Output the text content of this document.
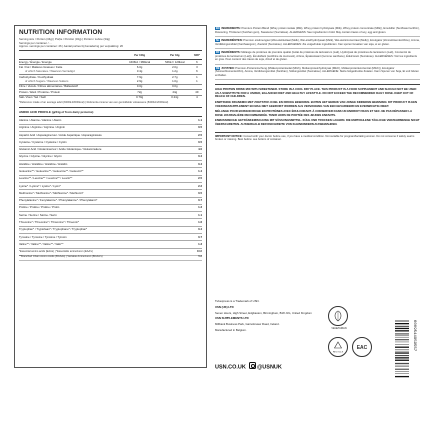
NUTRITION INFORMATION
Serving size / Portion (34g) | Porție / Porción (34g) | Portion / Lubne (34g)
Servings per container / ...
Approx. servings per container: 26 | Aantal porties bij benadering per verpakking: 26
	Per 100g	Per 34g	%RI*
Energy / Énergie / Energie	1606kJ / 380kcal	546kJ / 129kcal	6
Fat / Fat / Matières Grasses / Fette	6.0g	2.0g	3
of which Saturates / Waarvan Verzadigd	3.4g	1.2g	6
Carbohydrate / Koolhydraat	7.9g	2.7g	1
of which Sugars / Waarvan Suikers	2.9g	1.0g	1
Fibre / Vezels / Fibres alimentaires / Ballaststoff	0.0g	0.0g	
Protein / Eiwit / Protéine / Protein	72g	24g	49
Salt / Zout / Sel / Salz	0.70g	0.24g	4
*Reference intake of an average adult (8400kJ/2000kcal) | Referentie-inname van een gemiddelde volwassene (8400kJ/2000kcal)
AMINO ACID PROFILE (g/34g of from dairy proteins)
Alanine / Alanine / Alanine / Alanin	1.1
Arginine / Arginine / Arginine / Arginin	0.5
Aspartic Acid / Asparaginezuur / Acide Aspartique / Asparaginsäure	2.5
Cysteine / Cysteïne / Cystéine / Cystin	0.5
Glutamic Acid / Glutaminezuur / Acide Glutamique / Glutaminsäure	4.0
Glycine / Glycine / Glycine / Glycin	0.4
Histidine / Histidine / Histidine / Histidin	0.4
Isoleucine** / Isoleucine** / Isoleucine** / Isoleucin**	1.4
Leucine** / Leucine** / Leucine** / Leucin**	2.5
Lysine* / Lysine* / Lysine* / Lysin*	2.2
Methionine* / Methionine* / Méthionine* / Methionin*	0.5
Phenylalanine* / Fenylalanine* / Phénylalanine* / Phenylalanin*	0.7
Proline / Proline / Proline / Prolin	1.3
Serine / Serine / Sérine / Serin	1.1
Threonine* / Threonine* / Thréonine* / Threonin*	1.6
Tryptophan* / Tryptofaan* / Tryptophane* / Tryptophan*	0.4
Tyrosine / Tyrosine / Tyrosine / Tyrosin	0.7
Valine** / Valine** / Valine** / Valin**	1.3
10.6
*Essential amino acids (EAAs) | *Essentiële aminozuren (EAA's)
5.2
**Branched Chain Amino Acids (BCAAs) | Vertakte Aminozuren (BCAA's)
EN INGREDIENTS: Premium Protein Blend (Whey protein isolate (Milk), Whey protein hydrolysate (Milk), Whey protein concentrate (Milk)), Emulsifier (Sunflower lecithin), Flavouring, Thickener (Xanthan gum), Sweetener (Sucralose). ALLERGENS: See ingredients in bold. May contain traces of soy, egg and gluten.
NL INGREDIËNTEN: Premium eiwitmengsel (Wei-eiwitisolaat (Melk), Wei-eiwithydrolysaat (Melk), Wei-eiwitconcentraat (Melk)), Emulgator (Zonnebloemlecithine), Aroma, Verdikkingsmiddel (Xanthaangom), Zoetstof (Sucralose). ALLERGENEN: Zie vetgedrukte ingrediënten. Kan sporen bevatten van soja, ei en gluten.
FR INGRÉDIENTS: Mélange de protéines de première qualité (Isolat de protéines de lactosérum (Lait), Hydrolysat de protéines de lactosérum (Lait), Concentré de protéines de lactosérum (Lait)), Émulsifiant (Lécithine de tournesol), Arôme, Épaississant (Gomme xanthane), Édulcorant (Sucralose). ALLERGÈNES: Voir les ingrédients en gras. Peut contenir des traces de soja, d'œuf et de gluten.
DE ZUTATEN: Premium-Proteinmischung (Molkenproteinisolat (Milch), Molkenproteinhydrolysat (Milch), Molkenproteinkonzentrat (Milch)), Emulgator (Sonnenblumenlecithin), Aroma, Verdickungsmittel (Xanthan), Süßungsmittel (Sucralose). ALLERGENE: Siehe fettgedruckte Zutaten. Kann Spuren von Soja, Ei und Gluten enthalten.

HIGH PROTEIN DRINK MIX WITH SWEETENER. STORE IN A COOL DRY PLACE. THIS PRODUCT IS A FOOD SUPPLEMENT AND SHOULD NOT BE USED AS A SUBSTITUTE FOR A VARIED, BALANCED DIET AND HEALTHY LIFESTYLE. DO NOT EXCEED THE RECOMMENDED DAILY DOSE. KEEP OUT OF REACH OF CHILDREN.

EIWITRIJKE DRANKMIX MET ZOETSTOF. KOEL EN DROOG BEWAREN. BUITEN HET BEREIK VAN JONGE KINDEREN BEWAREN. DIT PRODUCT IS EEN VOEDINGSSUPPLEMENT EN MAG NIET GEBRUIKT WORDEN ALS VERVANGING VAN EEN GEVARIEERD EN EVENWICHTIG DIEET.

MÉLANGE POUR BOISSON RICHE EN PROTÉINES AVEC ÉDULCORANT. À CONSERVER DANS UN ENDROIT FRAIS ET SEC. NE PAS DÉPASSER LA DOSE JOURNALIÈRE RECOMMANDÉE. TENIR HORS DE PORTÉE DES JEUNES ENFANTS.

EIWEISSREICHE GETRÄNKEMISCHUNG MIT SÜSSUNGSMITTEL. KÜHL UND TROCKEN LAGERN. DIE EMPFOHLENE TÄGLICHE VERZEHRMENGE NICHT ÜBERSCHREITEN. AUSSERHALB DER REICHWEITE VON KLEINKINDERN AUFBEWAHREN.

IMPORTANT NOTICE: Consult with your doctor before use, if you have a medical condition. Not suitable for pregnant/lactating women. Do not consume if safety seal is broken or missing. Best before: see bottom of container.

Tubexpress is a Trademark of USN.

USN (UK) LTD

Seven Hours, High Street, Edgbaston, Birmingham, B18 JJG, United Kingdom

USN SUPPLEMENTS LTD

Millbank Business Park, Garrettsview Road, Ireland.

Manufactured in Belgium.

USN.CO.UK @USNUK
VEGETARIAN
RECYCLE
EAC	6009544959557
